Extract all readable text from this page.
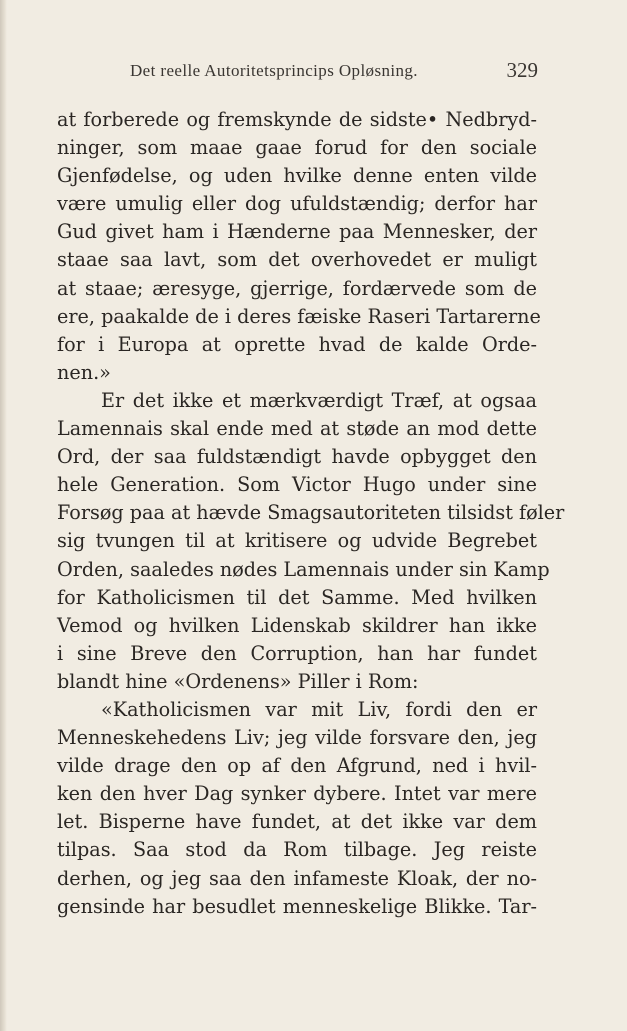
Det reelle Autoritetsprincips Opløsning.	329
at forberede og fremskynde de sidste• Nedbryd-
ninger, som maae gaae forud for den sociale
Gjenfødelse, og uden hvilke denne enten vilde
være umulig eller dog ufuldstændig; derfor har
Gud givet ham i Hænderne paa Mennesker, der
staae saa lavt, som det overhovedet er muligt
at staae; æresyge, gjerrige, fordærvede som de
ere, paakalde de i deres fæiske Raseri Tartarerne
for i Europa at oprette hvad de kalde Orde-
nen.»
Er det ikke et mærkværdigt Træf, at ogsaa
Lamennais skal ende med at støde an mod dette
Ord, der saa fuldstændigt havde opbygget den
hele Generation. Som Victor Hugo under sine
Forsøg paa at hævde Smagsautoriteten tilsidst føler
sig tvungen til at kritisere og udvide Begrebet
Orden, saaledes nødes Lamennais under sin Kamp
for Katholicismen til det Samme. Med hvilken
Vemod og hvilken Lidenskab skildrer han ikke
i sine Breve den Corruption, han har fundet
blandt hine «Ordenens» Piller i Rom:
«Katholicismen var mit Liv, fordi den er
Menneskehedens Liv; jeg vilde forsvare den, jeg
vilde drage den op af den Afgrund, ned i hvil-
ken den hver Dag synker dybere. Intet var mere
let. Bisperne have fundet, at det ikke var dem
tilpas. Saa stod da Rom tilbage. Jeg reiste
derhen, og jeg saa den infameste Kloak, der no-
gensinde har besudlet menneskelige Blikke. Tar-
